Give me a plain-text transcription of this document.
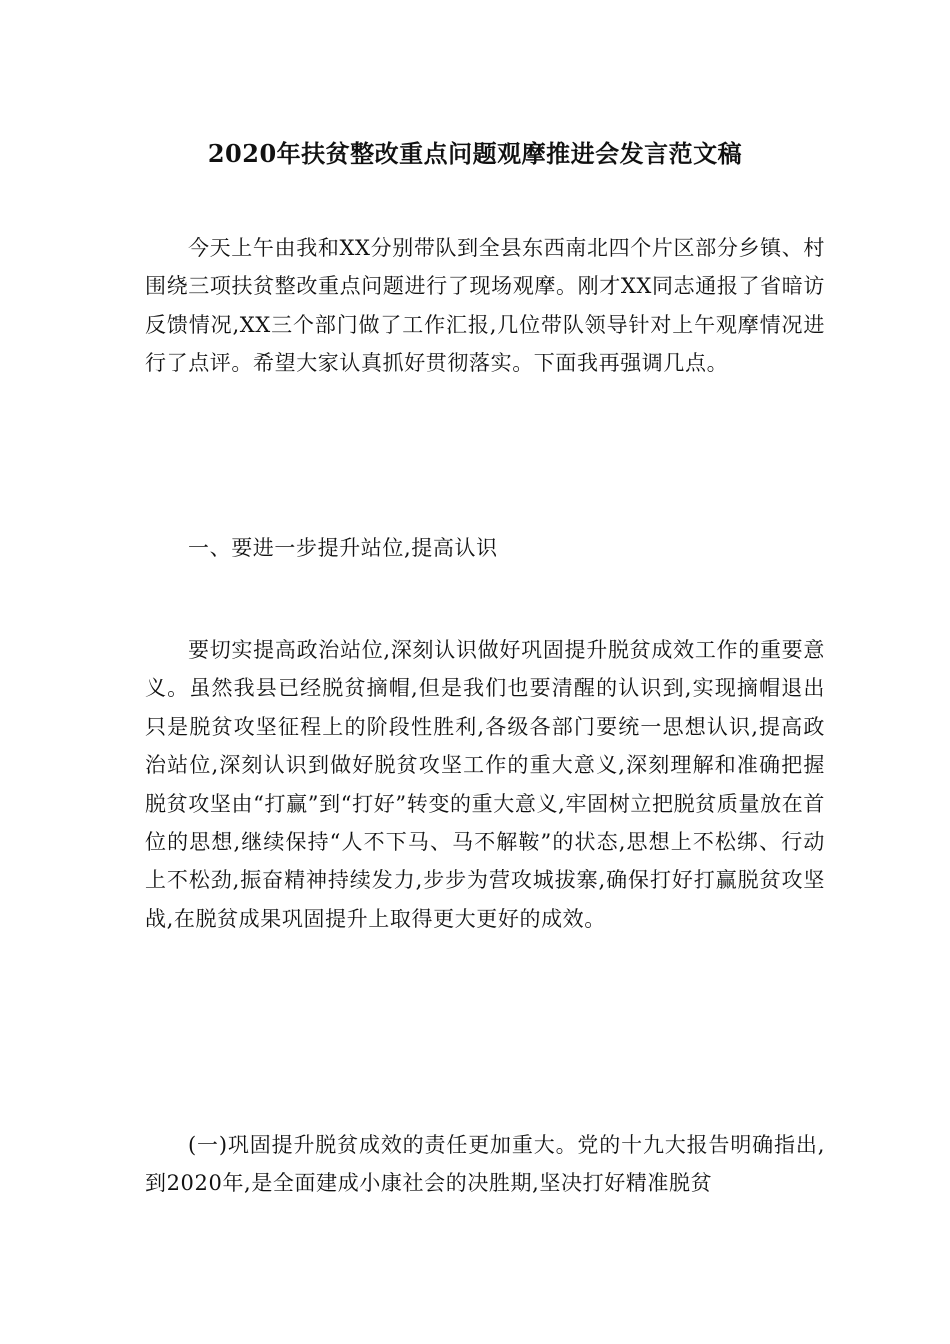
2020年扶贫整改重点问题观摩推进会发言范文稿

今天上午由我和XX分别带队到全县东西南北四个片区部分乡镇、村围绕三项扶贫整改重点问题进行了现场观摩。刚才XX同志通报了省暗访反馈情况,XX三个部门做了工作汇报,几位带队领导针对上午观摩情况进行了点评。希望大家认真抓好贯彻落实。下面我再强调几点。

一、要进一步提升站位,提高认识

要切实提高政治站位,深刻认识做好巩固提升脱贫成效工作的重要意义。虽然我县已经脱贫摘帽,但是我们也要清醒的认识到,实现摘帽退出只是脱贫攻坚征程上的阶段性胜利,各级各部门要统一思想认识,提高政治站位,深刻认识到做好脱贫攻坚工作的重大意义,深刻理解和准确把握脱贫攻坚由“打赢”到“打好”转变的重大意义,牢固树立把脱贫质量放在首位的思想,继续保持“人不下马、马不解鞍”的状态,思想上不松绑、行动上不松劲,振奋精神持续发力,步步为营攻城拔寨,确保打好打赢脱贫攻坚战,在脱贫成果巩固提升上取得更大更好的成效。

(一)巩固提升脱贫成效的责任更加重大。党的十九大报告明确指出,到2020年,是全面建成小康社会的决胜期,坚决打好精准脱贫
